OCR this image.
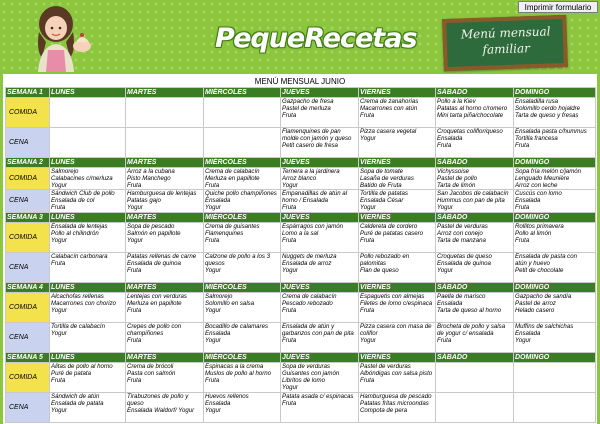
PequeRecetas	Menú mensual familiar
Imprimir formulario
MENÚ MENSUAL JUNIO
SEMANA 1	LUNES	MARTES	MIÉRCOLES	JUEVES	VIERNES	SÁBADO	DOMINGO
COMIDA				Gazpacho de fresa
Pastel de merluza
Fruta	Crema de zanahorias
Macarrones con atún
Fruta	Pollo a la Kiev
Patatas al horno c/romero
Mini tarta piña/chocolate	Ensaladilla rusa
Solomillo cerdo hojaldre
Tarta de queso y fresas

CENA				Flamenquines de pan
molde con jamón y queso
Petit casero de fresa	Pizza casera vegetal
Yogur	Croquetas coliflor/queso
Ensalada
Fruta	Ensalada pasta c/hummus
Tortilla francesa
Fruta

SEMANA 2	LUNES	MARTES	MIÉRCOLES	JUEVES	VIERNES	SÁBADO	DOMINGO
COMIDA	Salmorejo
Calabacines c/merluza
Yogur	Arroz a la cubana
Pisto Manchego
Fruta	Crema de calabacín
Merluza en papillote
Fruta	Ternera a la jardinera
Arroz blanco
Yogur	Sopa de tomate
Lasaña de verduras
Batido de Fruta	Vichyssoise
Pastel de pollo
Tarta de limón	Sopa fría melón c/jamón
Lenguado Meunière
Arroz con leche

CENA	Sándwich Club de pollo
Ensalada de col
Fruta	Hamburguesa de lentejas
Patatas gajo
Yogur	Quiche pollo champiñones
Ensalada
Yogur	Empanadillas de atún al
horno / Ensalada
Fruta	Tortilla de patatas
Ensalada César
Yogur	San Jacobos de calabacín
Hummus con pan de pita
Yogur	Cuscús con lomo
Ensalada
Fruta

SEMANA 3	LUNES	MARTES	MIÉRCOLES	JUEVES	VIERNES	SÁBADO	DOMINGO
COMIDA	Ensalada de lentejas
Pollo al chilindrón
Yogur	Sopa de pescado
Salmón en papillote
Yogur	Crema de guisantes
Flamenquines
Fruta	Espárragos con jamón
Lomo a la sal
Fruta	Caldereta de cordero
Puré de patatas casero
Fruta	Pastel de verduras
Arroz con conejo
Tarta de manzana	Rollitos primavera
Pollo al limón
Fruta

CENA	Calabacín carbonara
Fruta	Patatas rellenas de carne
Ensalada de quinoa
Fruta	Calzone de pollo a los 3
quesos
Yogur	Nuggets de merluza
Ensalada de arroz
Yogur	Pollo rebozado en
palomitas
Flan de queso	Croquetas de queso
Ensalada de quinoa
Yogur	Ensalada de pasta con
atún y huevo
Petit de chocolate

SEMANA 4	LUNES	MARTES	MIÉRCOLES	JUEVES	VIERNES	SÁBADO	DOMINGO
COMIDA	Alcachofas rellenas
Macarrones con chorizo
Yogur	Lentejas con verduras
Merluza en papillote
Fruta	Salmorejo
Solomillo en salsa
Yogur	Crema de calabacín
Pescado rebozado
Fruta	Espaguetis con almejas
Filetes de lomo c/espinaca
Fruta	Paella de marisco
Ensalada
Tarta de queso al horno	Gazpacho de sandía
Pastel de arroz
Helado casero

CENA	Tortilla de calabacín
Yogur	Crepes de pollo con
champiñones
Fruta	Bocadillo de calamares
Ensalada
Yogur	Ensalada de atún y
garbanzos con pan de pita
Fruta	Pizza casera con masa de
coliflor
Yogur	Brocheta de pollo y salsa
de yogur c/ ensalada
Fruta	Muffins de salchichas
Ensalada
Yogur

SEMANA 5	LUNES	MARTES	MIÉRCOLES	JUEVES	VIERNES	SÁBADO	DOMINGO
COMIDA	Alitas de pollo al horno
Puré de patata
Fruta	Crema de brócoli
Pasta con salmón
Fruta	Espinacas a la crema
Muslos de pollo al horno
Fruta	Sopa de verduras
Guisantes con jamón
Libritos de lomo
Yogur	Pastel de verduras
Albóndigas con salsa pisto
Fruta		

CENA	Sándwich de atún
Ensalada de patata
Yogur	Tirabuzones de pollo y
queso
Ensalada Waldorf/ Yogur	Huevos rellenos
Ensalada
Yogur	Patata asada c/ espinacas
Fruta	Hamburguesa de pescado
Patatas fritas microondas
Compota de pera		
